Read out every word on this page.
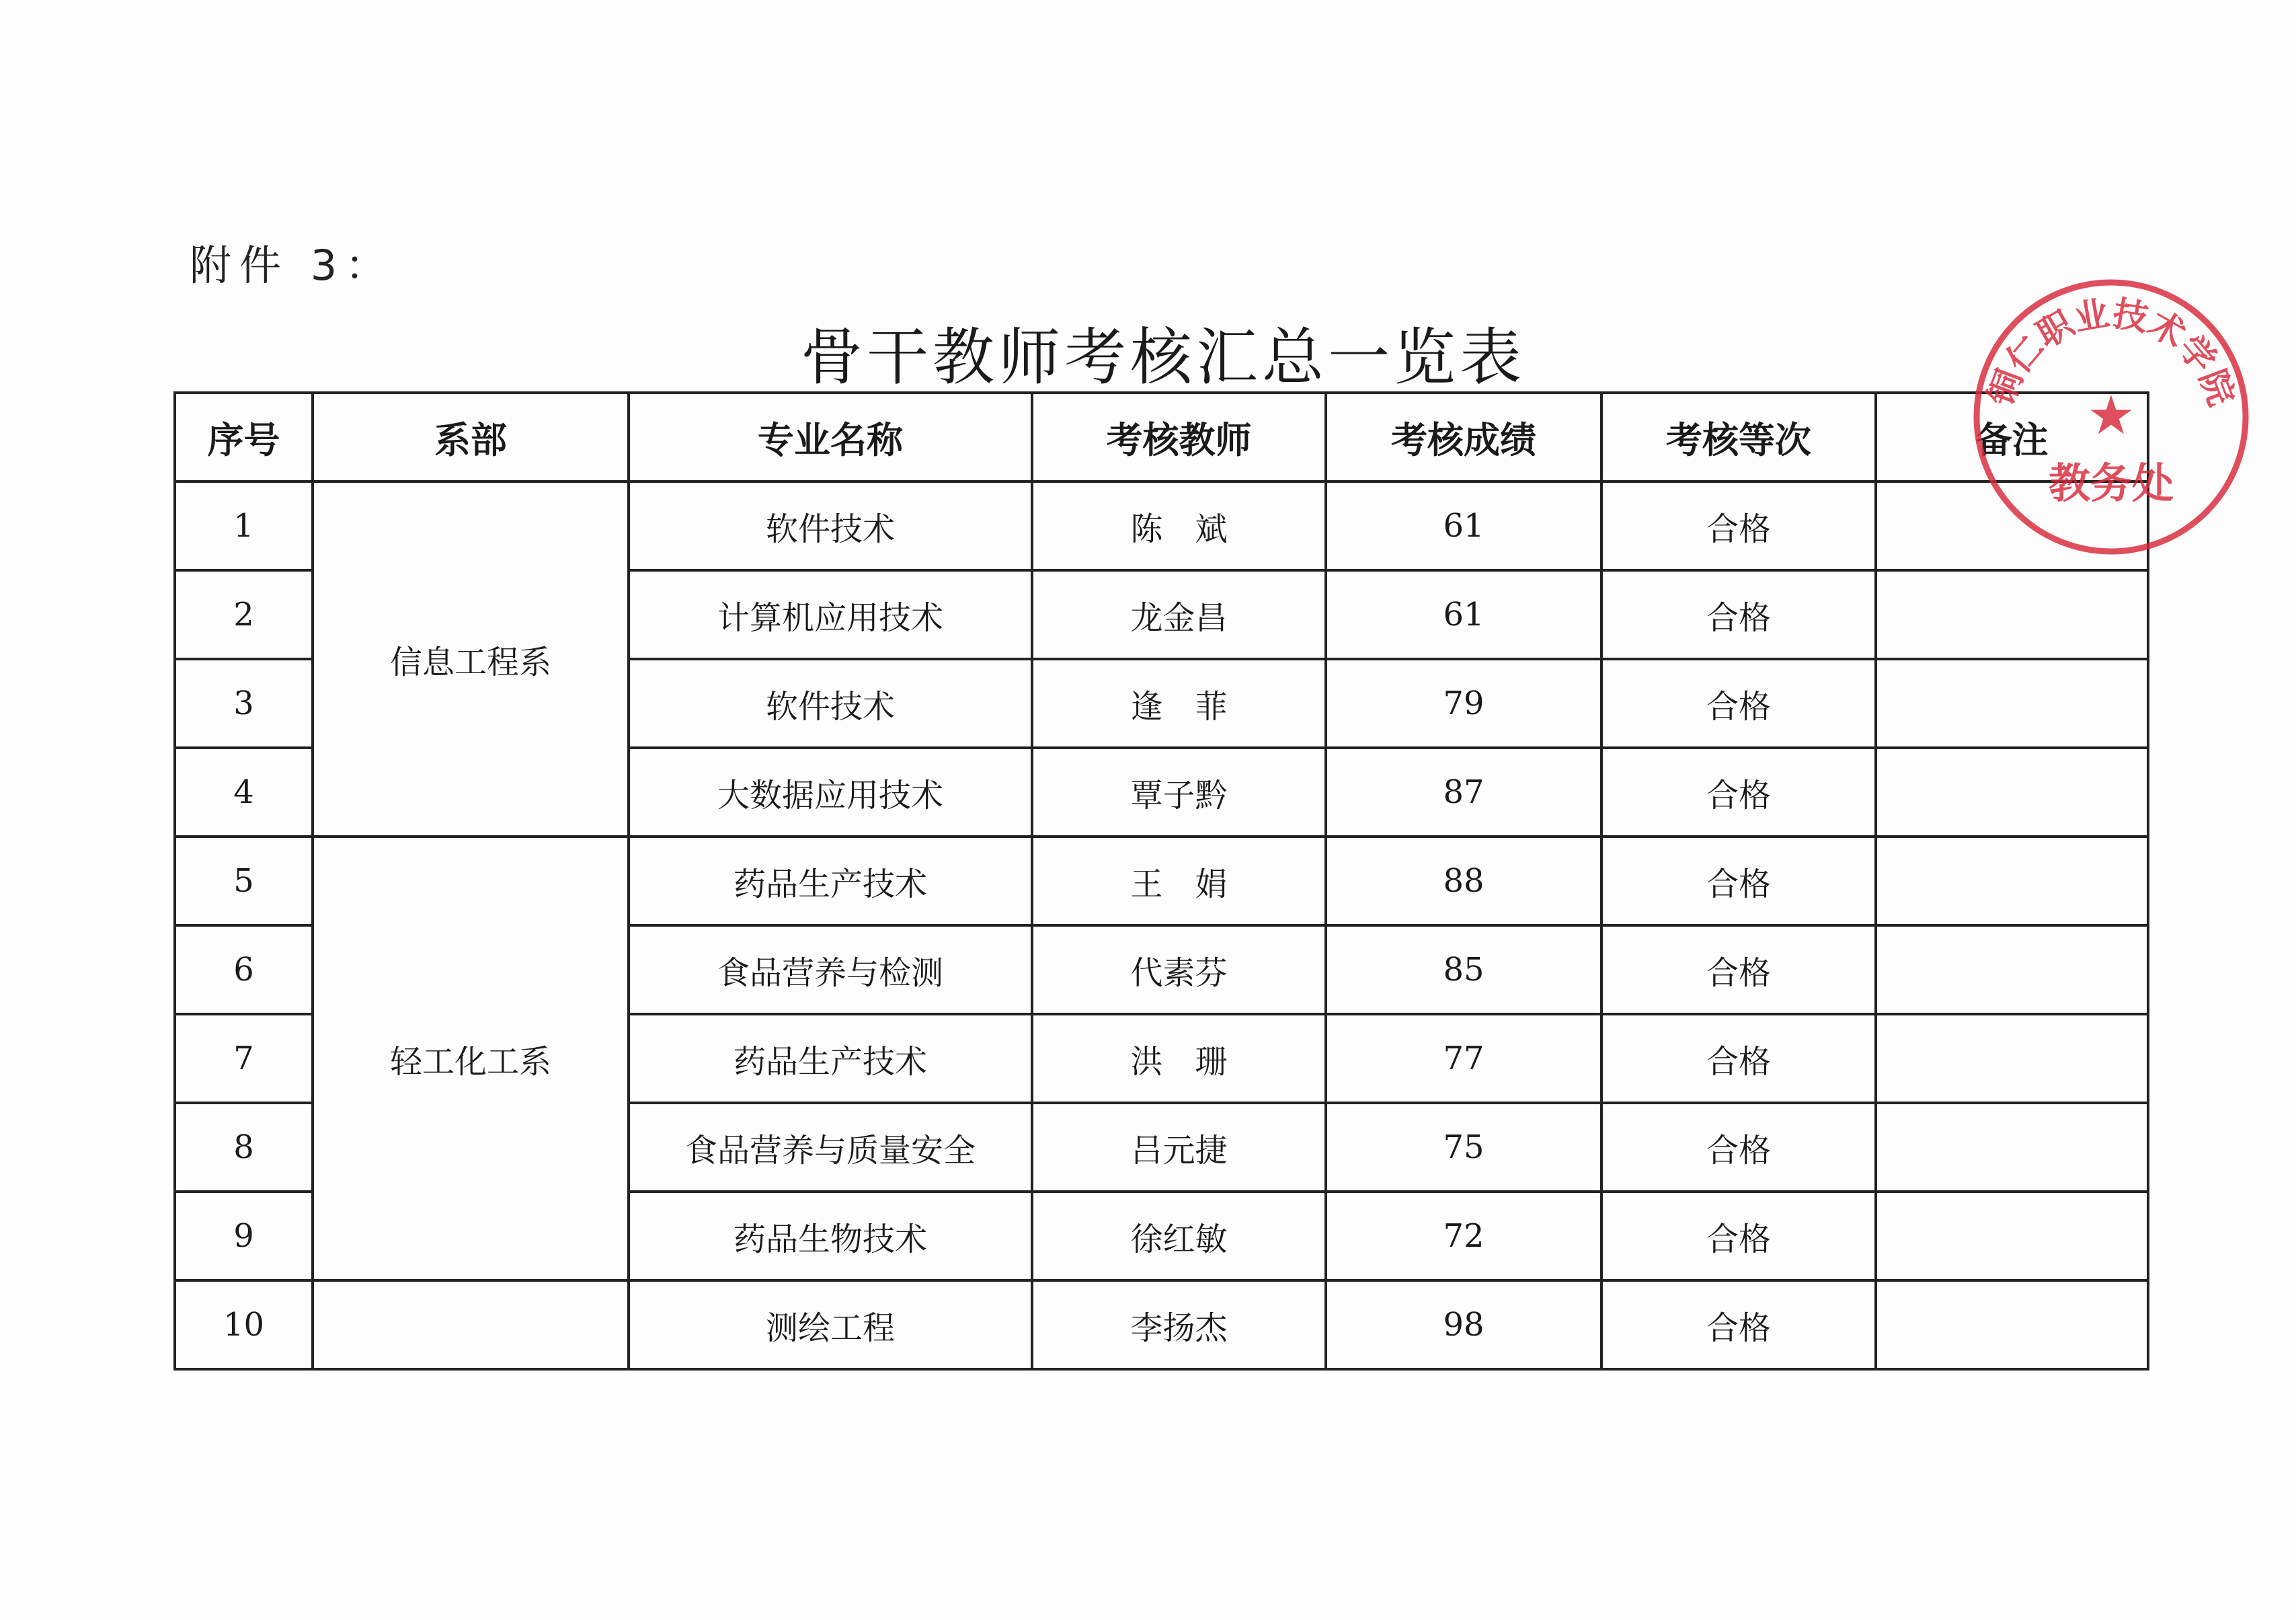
附件 3：
骨干教师考核汇总一览表
序号	系部	专业名称	考核教师	考核成绩	考核等次	备注
1	信息工程系	软件技术	陈　斌	61	合格	
2		计算机应用技术	龙金昌	61	合格	
3		软件技术	逢　菲	79	合格	
4		大数据应用技术	覃子黔	87	合格	
5	轻工化工系	药品生产技术	王　娟	88	合格	
6		食品营养与检测	代素芬	85	合格	
7		药品生产技术	洪　珊	77	合格	
8		食品营养与质量安全	吕元捷	75	合格	
9		药品生物技术	徐红敏	72	合格	
10		测绘工程	李扬杰	98	合格	
铜仁职业技术学院
★
教务处
